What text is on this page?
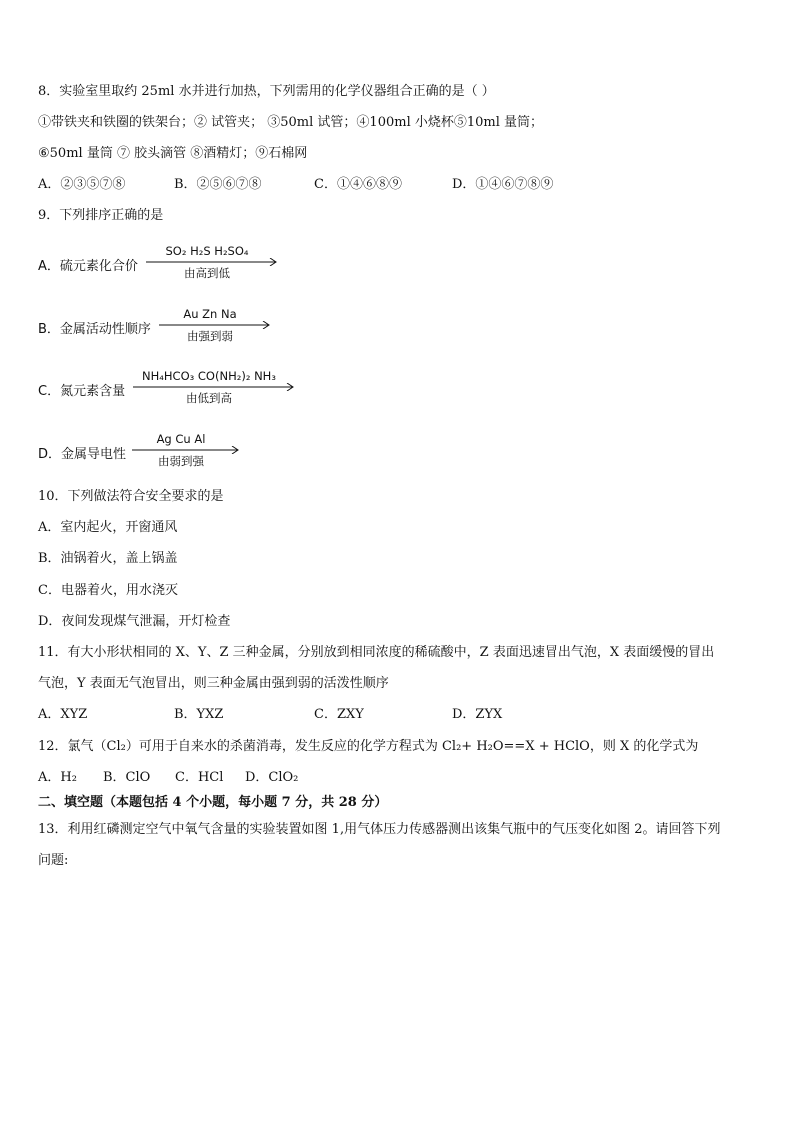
8．实验室里取约 25ml 水并进行加热，下列需用的化学仪器组合正确的是（ ）
①带铁夹和铁圈的铁架台；② 试管夹； ③50ml 试管；④100ml 小烧杯⑤10ml 量筒；
⑥50ml 量筒 ⑦ 胶头滴管 ⑧酒精灯；⑨石棉网
A．②③⑤⑦⑧	B．②⑤⑥⑦⑧	C．①④⑥⑧⑨	D．①④⑥⑦⑧⑨
9．下列排序正确的是
A．硫元素化合价
SO₂ H₂S H₂SO₄
由高到低
B．金属活动性顺序
Au Zn Na
由强到弱
C．氮元素含量
NH₄HCO₃ CO(NH₂)₂ NH₃
由低到高
D．金属导电性
Ag Cu Al
由弱到强
10．下列做法符合安全要求的是
A．室内起火，开窗通风
B．油锅着火，盖上锅盖
C．电器着火，用水浇灭
D．夜间发现煤气泄漏，开灯检查
11．有大小形状相同的 X、Y、Z 三种金属，分别放到相同浓度的稀硫酸中，Z 表面迅速冒出气泡，X 表面缓慢的冒出
气泡，Y 表面无气泡冒出，则三种金属由强到弱的活泼性顺序
A．XYZ	B．YXZ	C．ZXY	D．ZYX
12．氯气（Cl₂）可用于自来水的杀菌消毒，发生反应的化学方程式为 Cl₂+ H₂O==X + HClO，则 X 的化学式为
A．H₂ B．ClO C．HCl D．ClO₂
二、填空题（本题包括 4 个小题，每小题 7 分，共 28 分）
13．利用红磷测定空气中氧气含量的实验装置如图 1,用气体压力传感器测出该集气瓶中的气压变化如图 2。请回答下列
问题:
